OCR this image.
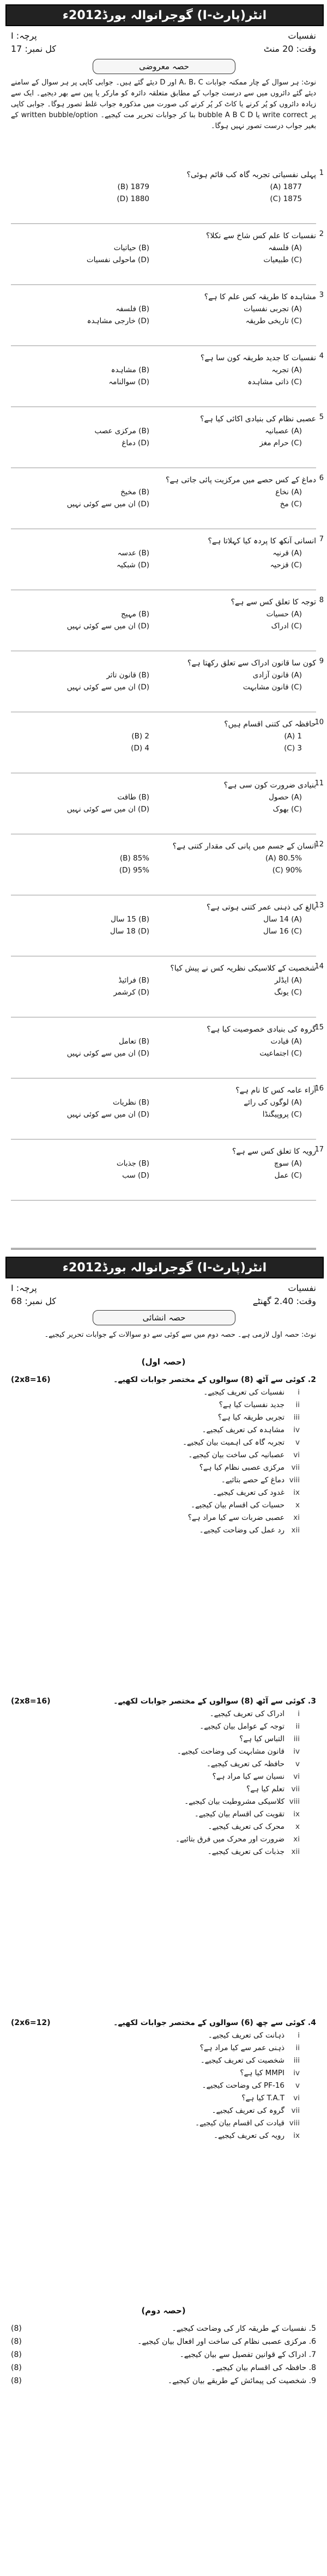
انٹر(پارٹ-I) گوجرانوالہ بورڈ2012ء
نفسیات
پرچہ: I
وقت: 20 منٹ
کل نمبر: 17
حصہ معروضی
نوٹ: ہر سوال کے چار ممکنہ جوابات A، B، C اور D دیئے گئے ہیں۔ جوابی کاپی پر ہر سوال کے سامنے دیئے گئے دائروں میں سے درست جواب کے مطابق متعلقہ دائرہ کو مارکر یا پین سے بھر دیجیے۔ ایک سے زیادہ دائروں کو پُر کرنے یا کاٹ کر پُر کرنے کی صورت میں مذکورہ جواب غلط تصور ہوگا۔ جوابی کاپی پر write correct یا bubble A B C D بنا کر جوابات تحریر مت کیجیے۔ written bubble/option کے بغیر جواب درست تصور نہیں ہوگا۔
پہلی نفسیاتی تجربہ گاہ کب قائم ہوئی؟ 1
1877 (A)
1879 (B)
1875 (C)
1880 (D)
نفسیات کا علم کس شاخ سے نکلا؟ 2
(A) فلسفہ
(B) حیاتیات
(C) طبیعیات
(D) ماحولی نفسیات
مشاہدہ کا طریقہ کس علم کا ہے؟ 3
(A) تجربی نفسیات
(B) فلسفہ
(C) تاریخی طریقہ
(D) خارجی مشاہدہ
نفسیات کا جدید طریقہ کون سا ہے؟ 4
(A) تجربہ
(B) مشاہدہ
(C) ذاتی مشاہدہ
(D) سوالنامہ
عصبی نظام کی بنیادی اکائی کیا ہے؟ 5
(A) عصبانیہ
(B) مرکزی عصب
(C) حرام مغز
(D) دماغ
دماغ کے کس حصے میں مرکزیت پائی جاتی ہے؟ 6
(A) نخاع
(B) مخیخ
(C) مخ
(D) ان میں سے کوئی نہیں
انسانی آنکھ کا پردہ کیا کہلاتا ہے؟ 7
(A) قرنیہ
(B) عدسہ
(C) قزحیہ
(D) شبکیہ
توجہ کا تعلق کس سے ہے؟ 8
(A) حسیات
(B) مہیج
(C) ادراک
(D) ان میں سے کوئی نہیں
کون سا قانون ادراک سے تعلق رکھتا ہے؟ 9
(A) قانون آزادی
(B) قانون تاثر
(C) قانون مشابہت
(D) ان میں سے کوئی نہیں
حافظہ کی کتنی اقسام ہیں؟
10
1 (A)
2 (B)
3 (C)
4 (D)
بنیادی ضرورت کون سی ہے؟
11
(A) حصول
(B) طاقت
(C) بھوک
(D) ان میں سے کوئی نہیں
انسان کے جسم میں پانی کی مقدار کتنی ہے؟
12
80.5% (A)
85% (B)
90% (C)
95% (D)
بالغ کی ذہنی عمر کتنی ہوتی ہے؟
13
(A) 14 سال
(B) 15 سال
(C) 16 سال
(D) 18 سال
شخصیت کے کلاسیکی نظریہ کس نے پیش کیا؟
14
(A) ایڈلر
(B) فرائیڈ
(C) یونگ
(D) کرشمر
گروہ کی بنیادی خصوصیت کیا ہے؟
15
(A) قیادت
(B) تعامل
(C) اجتماعیت
(D) ان میں سے کوئی نہیں
آراء عامہ کس کا نام ہے؟
16
(A) لوگوں کی رائے
(B) نظریات
(C) پروپیگنڈا
(D) ان میں سے کوئی نہیں
رویہ کا تعلق کس سے ہے؟
17
(A) سوچ
(B) جذبات
(C) عمل
(D) سب
انٹر(پارٹ-I) گوجرانوالہ بورڈ2012ء
نفسیات
پرچہ: I
وقت: 2.40 گھنٹے
کل نمبر: 68
حصہ انشائی
نوٹ: حصہ اول لازمی ہے۔ حصہ دوم میں سے کوئی سے دو سوالات کے جوابات تحریر کیجیے۔
(حصہ اول)
2. کوئی سے آٹھ (8) سوالوں کے مختصر جوابات لکھیے۔
(2x8=16)
iنفسیات کی تعریف کیجیے۔
iiجدید نفسیات کیا ہے؟
iiiتجربی طریقہ کیا ہے؟
ivمشاہدہ کی تعریف کیجیے۔
vتجربہ گاہ کی اہمیت بیان کیجیے۔
viعصبانیہ کی ساخت بیان کیجیے۔
viiمرکزی عصبی نظام کیا ہے؟
viiiدماغ کے حصے بتائیے۔
ixغدود کی تعریف کیجیے۔
xحسیات کی اقسام بیان کیجیے۔
xiعصبی ضربات سے کیا مراد ہے؟
xiiرد عمل کی وضاحت کیجیے۔
3. کوئی سے آٹھ (8) سوالوں کے مختصر جوابات لکھیے۔
(2x8=16)
iادراک کی تعریف کیجیے۔
iiتوجہ کے عوامل بیان کیجیے۔
iiiالتباس کیا ہے؟
ivقانون مشابہت کی وضاحت کیجیے۔
vحافظہ کی تعریف کیجیے۔
viنسیان سے کیا مراد ہے؟
viiتعلم کیا ہے؟
viiiکلاسیکی مشروطیت بیان کیجیے۔
ixتقویت کی اقسام بیان کیجیے۔
xمحرک کی تعریف کیجیے۔
xiضرورت اور محرک میں فرق بتائیے۔
xiiجذبات کی تعریف کیجیے۔
4. کوئی سے چھ (6) سوالوں کے مختصر جوابات لکھیے۔
(2x6=12)
iذہانت کی تعریف کیجیے۔
iiذہنی عمر سے کیا مراد ہے؟
iiiشخصیت کی تعریف کیجیے۔
ivMMPI کیا ہے؟
v16-PF کی وضاحت کیجیے۔
viT.A.T کیا ہے؟
viiگروہ کی تعریف کیجیے۔
viiiقیادت کی اقسام بیان کیجیے۔
ixرویہ کی تعریف کیجیے۔
(حصہ دوم)
5. نفسیات کے طریقہ کار کی وضاحت کیجیے۔
(8)
6. مرکزی عصبی نظام کی ساخت اور افعال بیان کیجیے۔
(8)
7. ادراک کے قوانین تفصیل سے بیان کیجیے۔
(8)
8. حافظہ کی اقسام بیان کیجیے۔
(8)
9. شخصیت کی پیمائش کے طریقے بیان کیجیے۔
(8)
